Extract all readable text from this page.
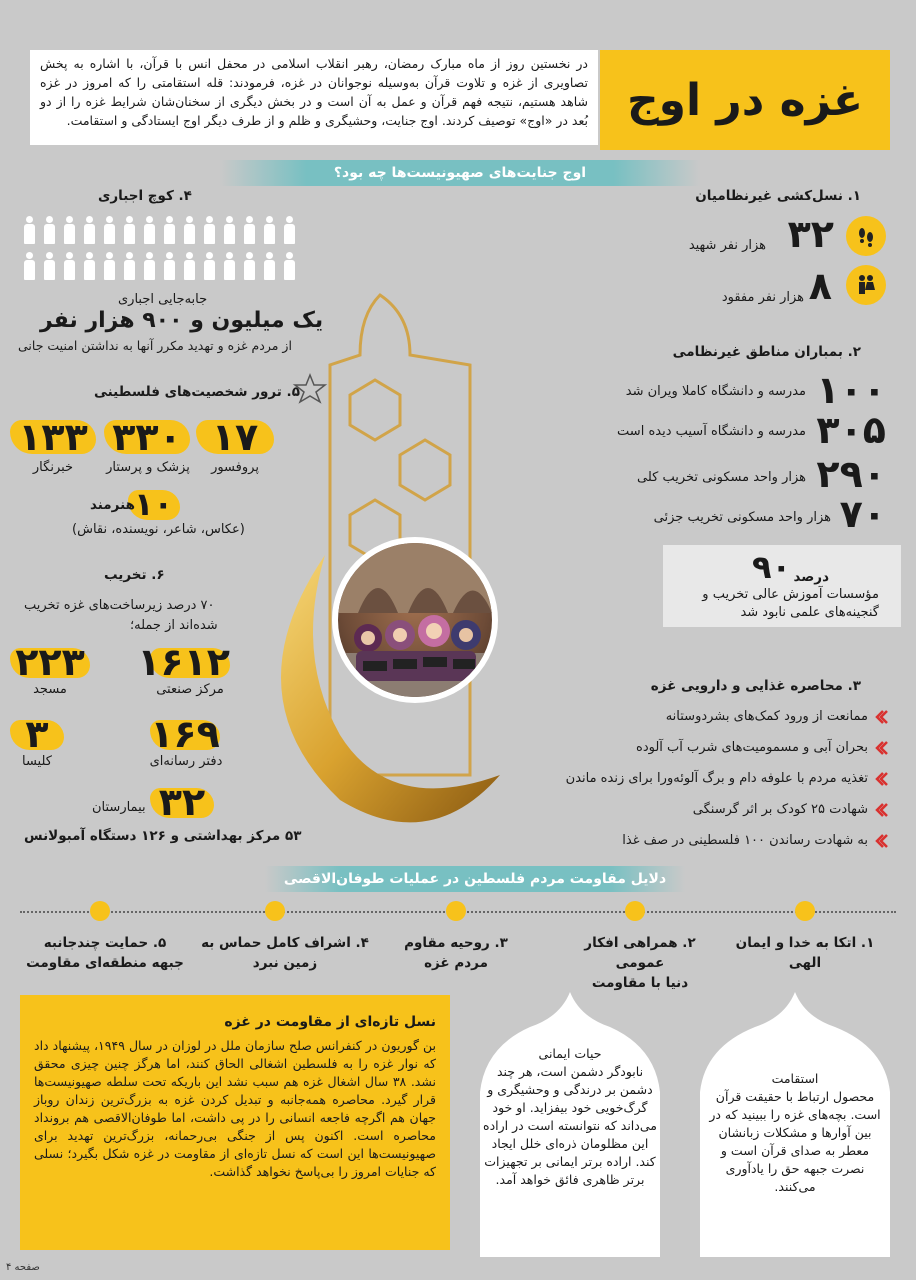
غزه در اوج
در نخستین روز از ماه مبارک رمضان، رهبر انقلاب اسلامی در محفل انس با قرآن، با اشاره به پخش تصاویری از غزه و تلاوت قرآن به‌وسیله نوجوانان در غزه، فرمودند: قله استقامتی را که امروز در غزه شاهد هستیم، نتیجه فهم قرآن و عمل به آن است و در بخش دیگری از سخنان‌شان شرایط غزه را از دو بُعد در «اوج» توصیف کردند. اوج جنایت، وحشیگری و ظلم و از طرف دیگر اوج ایستادگی و استقامت.
اوج جنایت‌های صهیونیست‌ها چه بود؟
۱. نسل‌کشی غیرنظامیان
۳۲
هزار نفر شهید
۸
هزار نفر مفقود
۲. بمباران مناطق غیرنظامی
۱۰۰
مدرسه و دانشگاه کاملا ویران شد
۳۰۵
مدرسه و دانشگاه آسیب دیده است
۲۹۰
هزار واحد مسکونی تخریب کلی
۷۰
هزار واحد مسکونی تخریب جزئی
۹۰ درصد
مؤسسات آموزش عالی تخریب و
گنجینه‌های علمی نابود شد
۳. محاصره غذایی و دارویی غزه
ممانعت از ورود کمک‌های بشردوستانه
بحران آبی و مسمومیت‌های شرب آب آلوده
تغذیه مردم با علوفه دام و برگ آلوئه‌ورا برای زنده ماندن
شهادت ۲۵ کودک بر اثر گرسنگی
به شهادت رساندن ۱۰۰ فلسطینی در صف غذا
۴. کوچ اجباری
جابه‌جایی اجباری
یک میلیون و ۹۰۰ هزار نفر
از مردم غزه و تهدید مکرر آنها به نداشتن امنیت جانی
۵. ترور شخصیت‌های فلسطینی
۱۷
۳۳۰
۱۳۳
پروفسور
پزشک و پرستار
خبرنگار
۱۰
هنرمند
(عکاس، شاعر، نویسنده، نقاش)
۶. تخریب
۷۰ درصد زیرساخت‌های غزه تخریب
شده‌اند از جمله؛
۱۶۱۲
مرکز صنعتی
۲۲۳
مسجد
۱۶۹
دفتر رسانه‌ای
۳
کلیسا
۳۲
بیمارستان
۵۳ مرکز بهداشتی و ۱۲۶ دستگاه آمبولانس
دلایل مقاومت مردم فلسطین در عملیات طوفان‌الاقصی
۱. اتکا به خدا و ایمان
الهی
۲. همراهی افکار عمومی
دنیا با مقاومت
۳. روحیه مقاوم
مردم غزه
۴. اشراف کامل حماس به
زمین نبرد
۵. حمایت چندجانبه
جبهه منطقه‌ای مقاومت
نسل تازه‌ای از مقاومت در غزه
بن گوریون در کنفرانس صلح سازمان ملل در لوزان در سال ۱۹۴۹، پیشنهاد داد که نوار غزه را به فلسطین اشغالی الحاق کنند، اما هرگز چنین چیزی محقق نشد. ۳۸ سال اشغال غزه هم سبب نشد این باریکه تحت سلطه صهیونیست‌ها قرار گیرد. محاصره همه‌جانبه و تبدیل کردن غزه به بزرگ‌ترین زندان روباز جهان هم اگرچه فاجعه انسانی را در پی داشت، اما طوفان‌الاقصی هم برونداد محاصره است. اکنون پس از جنگی بی‌رحمانه، بزرگ‌ترین تهدید برای صهیونیست‌ها این است که نسل تازه‌ای از مقاومت در غزه شکل بگیرد؛ نسلی که جنایات امروز را بی‌پاسخ نخواهد گذاشت.
حیات ایمانی
نابودگر دشمن است، هر چند دشمن بر درندگی و وحشیگری و گرگ‌خویی خود بیفزاید. او خود می‌داند که نتوانسته است در اراده این مظلومان ذره‌ای خلل ایجاد کند. اراده برتر ایمانی بر تجهیزات برتر ظاهری فائق خواهد آمد.
استقامت
محصول ارتباط با حقیقت قرآن است. بچه‌های غزه را ببینید که در بین آوارها و مشکلات زبانشان معطر به صدای قرآن است و نصرت جبهه حق را یادآوری می‌کنند.
صفحه ۴
